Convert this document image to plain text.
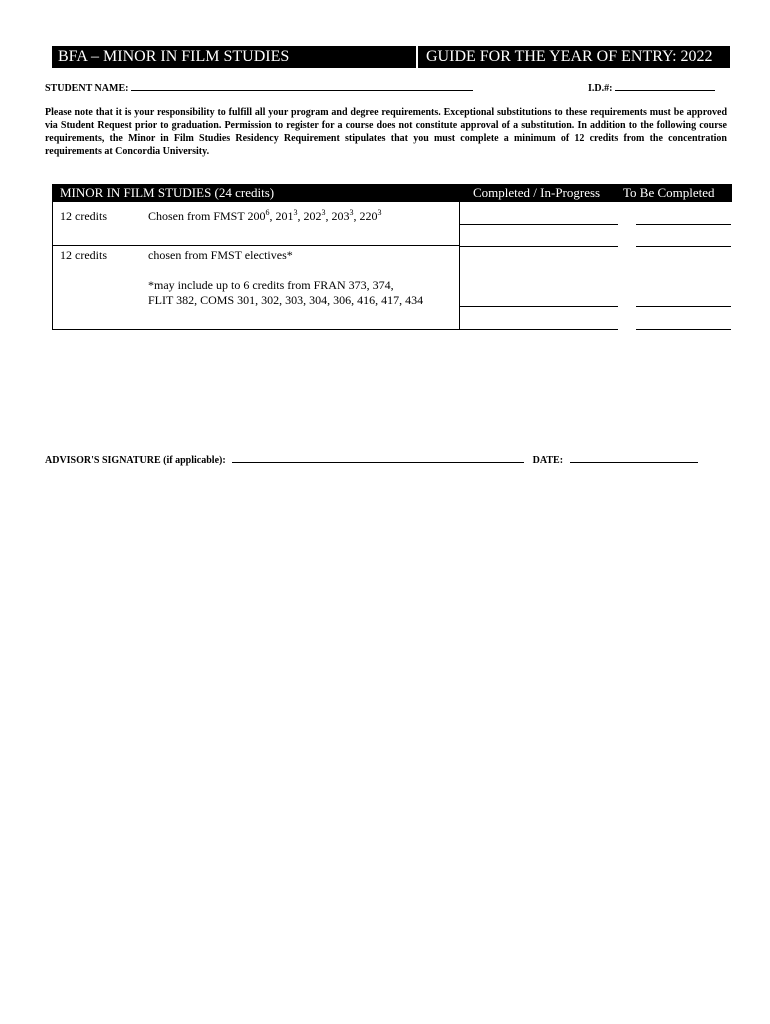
BFA – MINOR IN FILM STUDIES	GUIDE FOR THE YEAR OF ENTRY: 2022
STUDENT NAME:	I.D.#:
Please note that it is your responsibility to fulfill all your program and degree requirements. Exceptional substitutions to these requirements must be approved via Student Request prior to graduation. Permission to register for a course does not constitute approval of a substitution. In addition to the following course requirements, the Minor in Film Studies Residency Requirement stipulates that you must complete a minimum of 12 credits from the concentration requirements at Concordia University.
MINOR IN FILM STUDIES (24 credits)	Completed / In-Progress To Be Completed
12 credits	Chosen from FMST $200^6$, $201^3$, $202^3$, $203^3$, $220^3$
12 credits	chosen from FMST electives*
*may include up to 6 credits from FRAN 373, 374,
FLIT 382, COMS 301, 302, 303, 304, 306, 416, 417, 434
ADVISOR'S SIGNATURE (if applicable):	DATE:
